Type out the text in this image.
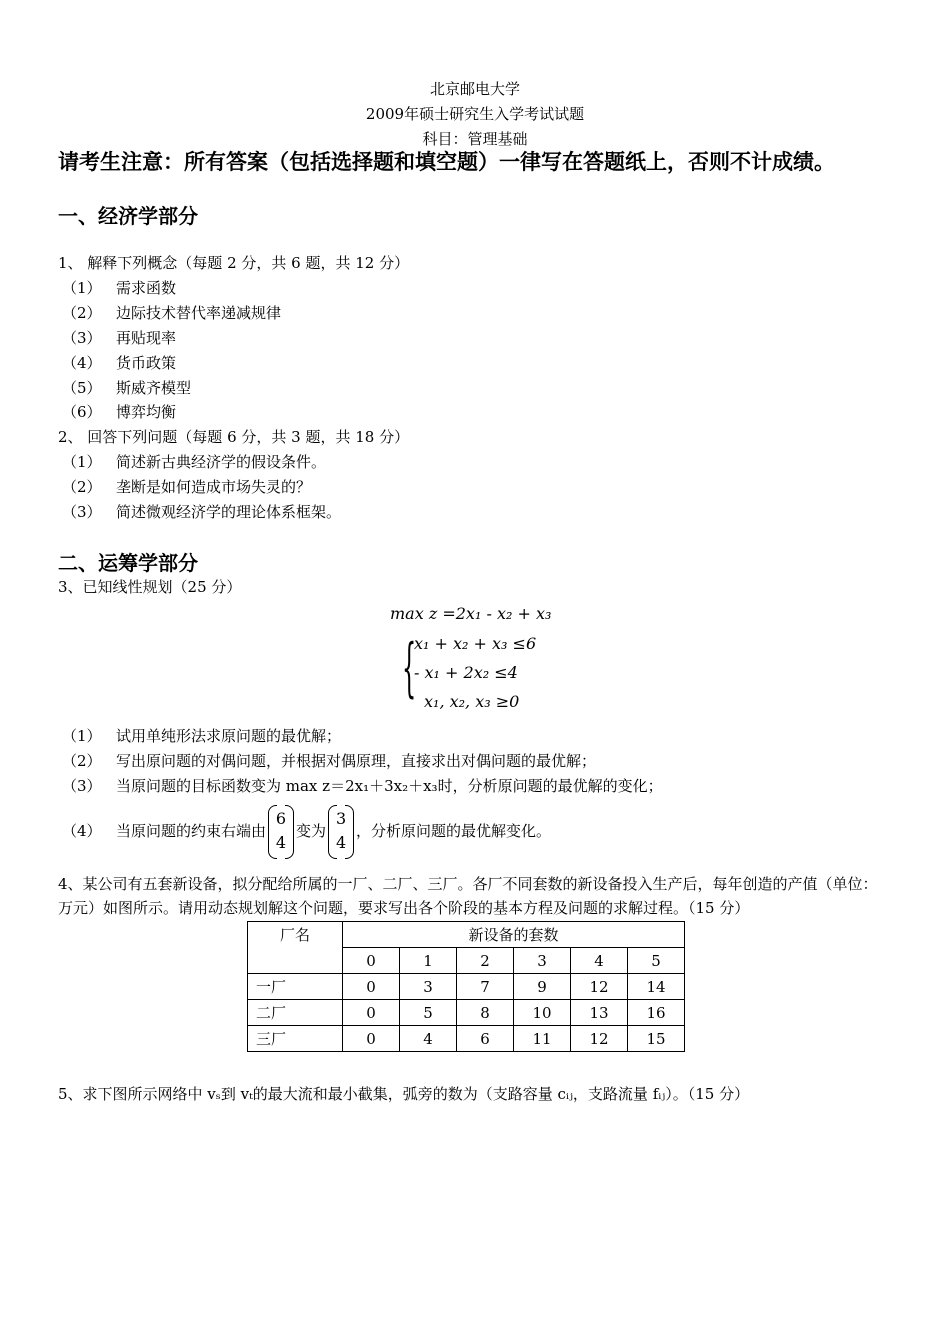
北京邮电大学
2009年硕士研究生入学考试试题
科目：管理基础
请考生注意：所有答案（包括选择题和填空题）一律写在答题纸上，否则不计成绩。
一、经济学部分
1、 解释下列概念（每题 2 分，共 6 题，共 12 分）
（1） 需求函数
（2） 边际技术替代率递减规律
（3） 再贴现率
（4） 货币政策
（5） 斯威齐模型
（6） 博弈均衡
2、 回答下列问题（每题 6 分，共 3 题，共 18 分）
（1） 简述新古典经济学的假设条件。
（2） 垄断是如何造成市场失灵的？
（3） 简述微观经济学的理论体系框架。
二、运筹学部分
3、已知线性规划（25 分）
max z =2x₁ - x₂ + x₃
{
x₁ + x₂ + x₃ ≤6
- x₁ + 2x₂ ≤4
x₁, x₂, x₃ ≥0
（1） 试用单纯形法求原问题的最优解；
（2） 写出原问题的对偶问题，并根据对偶原理，直接求出对偶问题的最优解；
（3） 当原问题的目标函数变为 max z＝2x₁＋3x₂＋x₃时，分析原问题的最优解的变化；
（4） 当原问题的约束右端由
6
4
变为
3
4
，分析原问题的最优解变化。
4、某公司有五套新设备，拟分配给所属的一厂、二厂、三厂。各厂不同套数的新设备投入生产后，每年创造的产值（单位：万元）如图所示。请用动态规划解这个问题，要求写出各个阶段的基本方程及问题的求解过程。（15 分）
厂名	新设备的套数					
	0	1	2	3	4	5
一厂	0	3	7	9	12	14
二厂	0	5	8	10	13	16
三厂	0	4	6	11	12	15
5、求下图所示网络中 vₛ到 vₜ的最大流和最小截集，弧旁的数为（支路容量 cᵢⱼ，支路流量 fᵢⱼ）。（15 分）
